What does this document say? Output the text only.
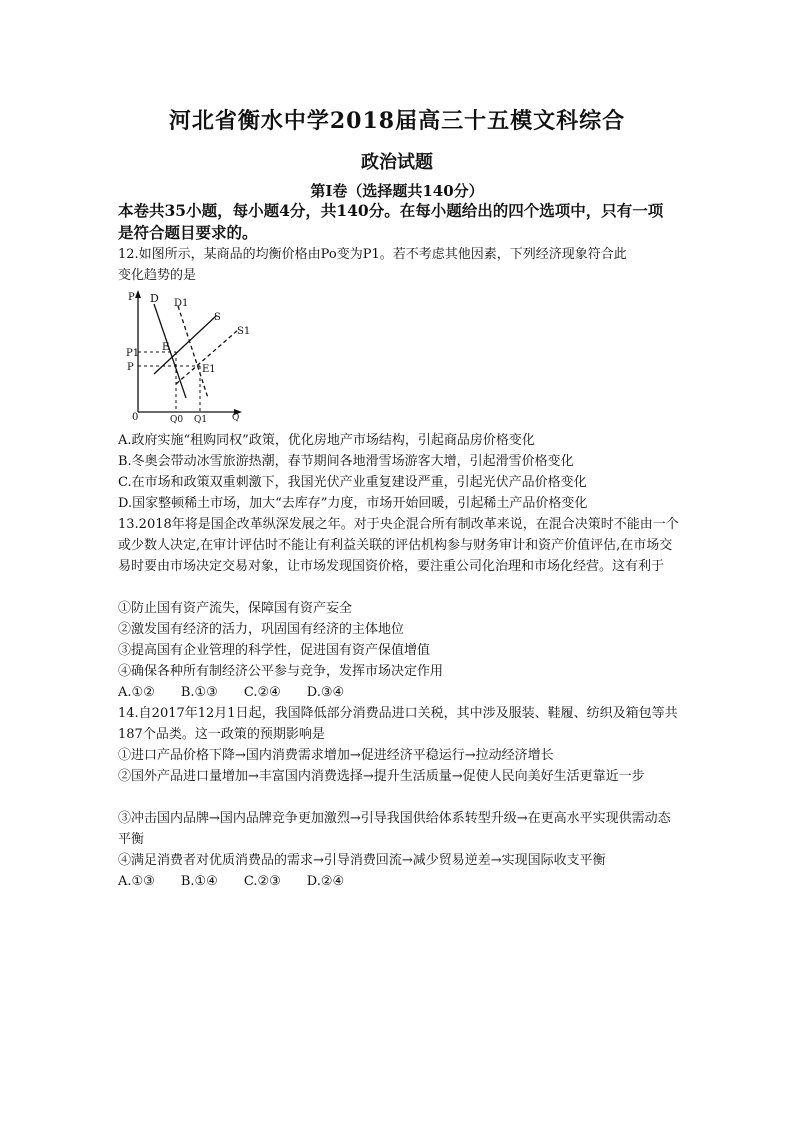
河北省衡水中学2018届高三十五模文科综合
政治试题
第Ⅰ卷（选择题共140分）
本卷共35小题，每小题4分，共140分。在每小题给出的四个选项中，只有一项是符合题目要求的。
12.如图所示，某商品的均衡价格由Po变为P1。若不考虑其他因素，下列经济现象符合此
变化趋势的是
P D D1
S
S1
P1
P
E
E1
0	Q0 Q1	Q
A.政府实施“租购同权”政策，优化房地产市场结构，引起商品房价格变化
B.冬奥会带动冰雪旅游热潮，春节期间各地滑雪场游客大增，引起滑雪价格变化
C.在市场和政策双重刺激下，我国光伏产业重复建设严重，引起光伏产品价格变化
D.国家整顿稀土市场，加大“去库存”力度，市场开始回暖，引起稀土产品价格变化
13.2018年将是国企改革纵深发展之年。对于央企混合所有制改革来说，在混合决策时不能由一个或少数人决定,在审计评估时不能让有利益关联的评估机构参与财务审计和资产价值评估,在市场交易时要由市场决定交易对象，让市场发现国资价格，要注重公司化治理和市场化经营。这有利于
①防止国有资产流失，保障国有资产妄全
②激发国有经济的活力，巩固国有经济的主体地位
③提高国有企业管理的科学性，促进国有资产保值增值
④确保各种所有制经济公平参与竞争，发挥市场决定作用
A.①② B.①③ C.②④ D.③④
14.自2017年12月1日起，我国降低部分消费品进口关税，其中涉及服装、鞋履、纺织及箱包等共187个品类。这一政策的预期影响是
①进口产品价格下降→国内消费需求增加→促进经济平稳运行→拉动经济增长
②国外产品进口量增加→丰富国内消费选择→提升生活质量→促使人民向美好生活更靠近一步
③冲击国内品牌→国内品牌竞争更加激烈→引导我国供给体系转型升级→在更高水平实现供需动态平衡
④满足消费者对优质消费品的需求→引导消费回流→减少贸易逆差→实现国际收支平衡
A.①③ B.①④ C.②③ D.②④
